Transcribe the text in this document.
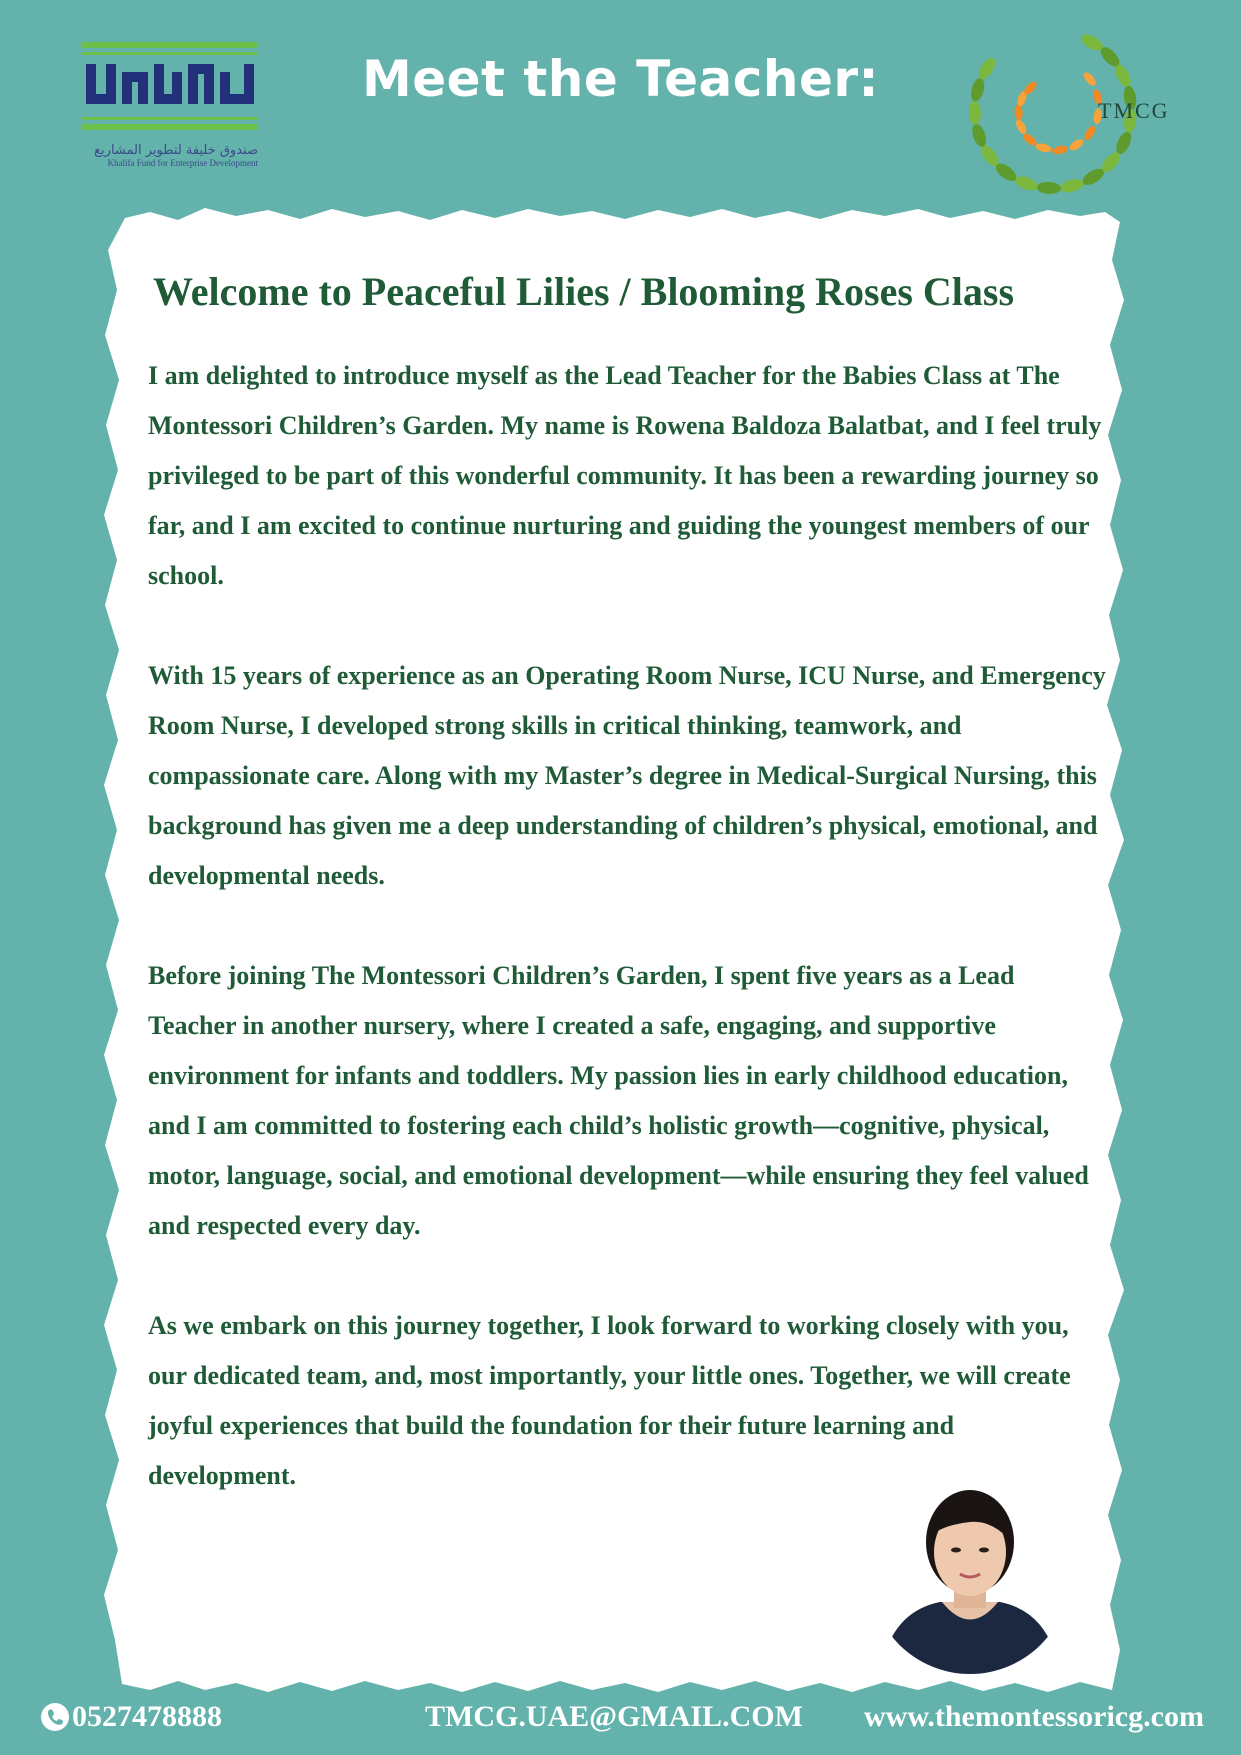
Meet the Teacher:
صندوق خليفة لتطوير المشاريع
Khalifa Fund for Enterprise Development
TMCG
Welcome to Peaceful Lilies / Blooming Roses Class

I am delighted to introduce myself as the Lead Teacher for the Babies Class at The Montessori Children’s Garden. My name is Rowena Baldoza Balatbat, and I feel truly privileged to be part of this wonderful community. It has been a rewarding journey so far, and I am excited to continue nurturing and guiding the youngest members of our school.

With 15 years of experience as an Operating Room Nurse, ICU Nurse, and Emergency Room Nurse, I developed strong skills in critical thinking, teamwork, and compassionate care. Along with my Master’s degree in Medical-Surgical Nursing, this background has given me a deep understanding of children’s physical, emotional, and developmental needs.

Before joining The Montessori Children’s Garden, I spent five years as a Lead Teacher in another nursery, where I created a safe, engaging, and supportive environment for infants and toddlers. My passion lies in early childhood education, and I am committed to fostering each child’s holistic growth—cognitive, physical, motor, language, social, and emotional development—while ensuring they feel valued and respected every day.

As we embark on this journey together, I look forward to working closely with you, our dedicated team, and, most importantly, your little ones. Together, we will create joyful experiences that build the foundation for their future learning and development.

0527478888	TMCG.UAE@GMAIL.COM www.themontessoricg.com
